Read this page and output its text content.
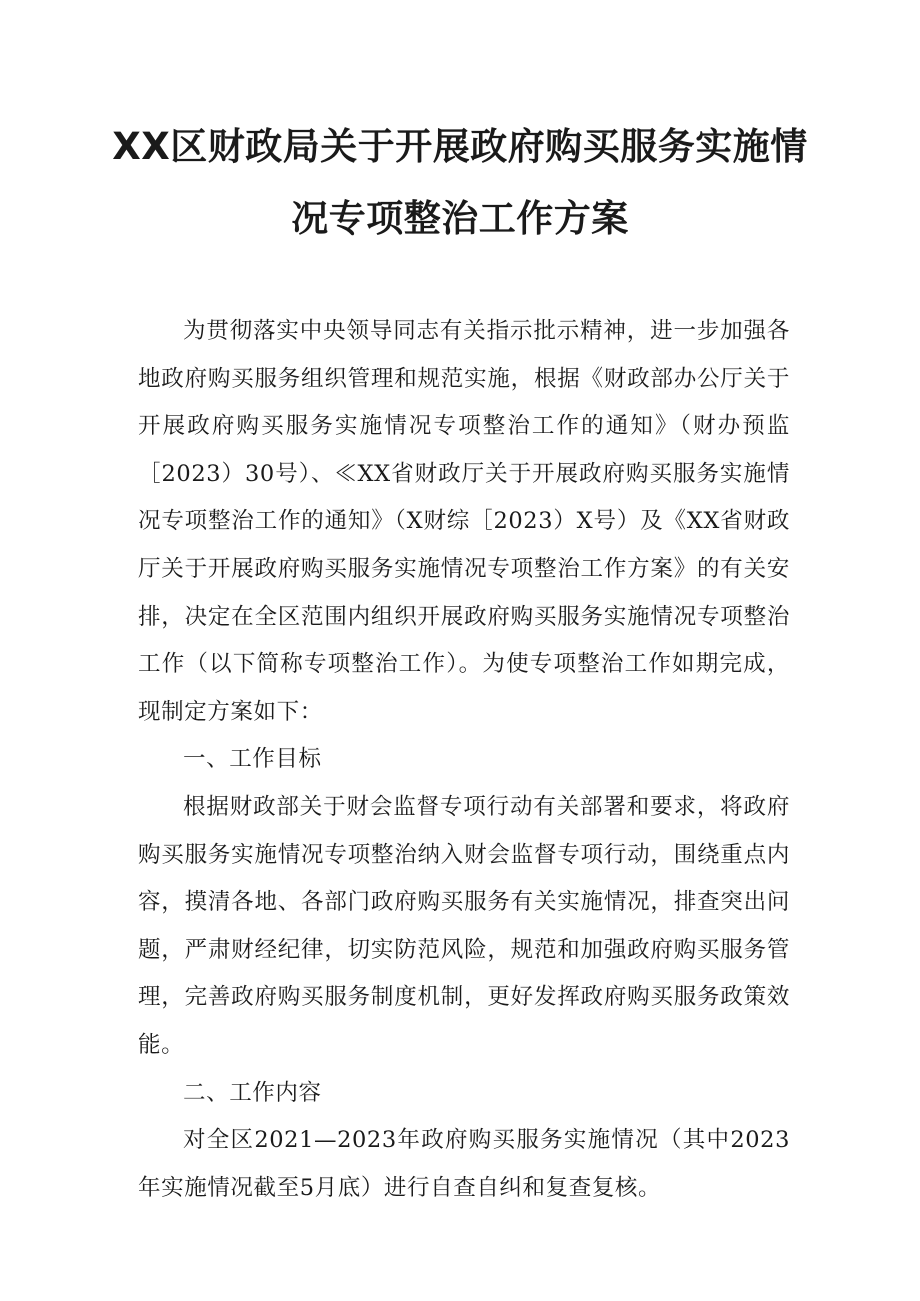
XX区财政局关于开展政府购买服务实施情
况专项整治工作方案

为贯彻落实中央领导同志有关指示批示精神，进一步加强各地政府购买服务组织管理和规范实施，根据《财政部办公厅关于开展政府购买服务实施情况专项整治工作的通知》（财办预监［2023）30号）、≪XX省财政厅关于开展政府购买服务实施情况专项整治工作的通知》（X财综［2023）X号）及《XX省财政厅关于开展政府购买服务实施情况专项整治工作方案》的有关安排，决定在全区范围内组织开展政府购买服务实施情况专项整治工作（以下简称专项整治工作）。为使专项整治工作如期完成，现制定方案如下：

一、工作目标

根据财政部关于财会监督专项行动有关部署和要求，将政府购买服务实施情况专项整治纳入财会监督专项行动，围绕重点内容，摸清各地、各部门政府购买服务有关实施情况，排查突出问题，严肃财经纪律，切实防范风险，规范和加强政府购买服务管理，完善政府购买服务制度机制，更好发挥政府购买服务政策效能。

二、工作内容

对全区2021—2023年政府购买服务实施情况（其中2023年实施情况截至5月底）进行自查自纠和复查复核。
